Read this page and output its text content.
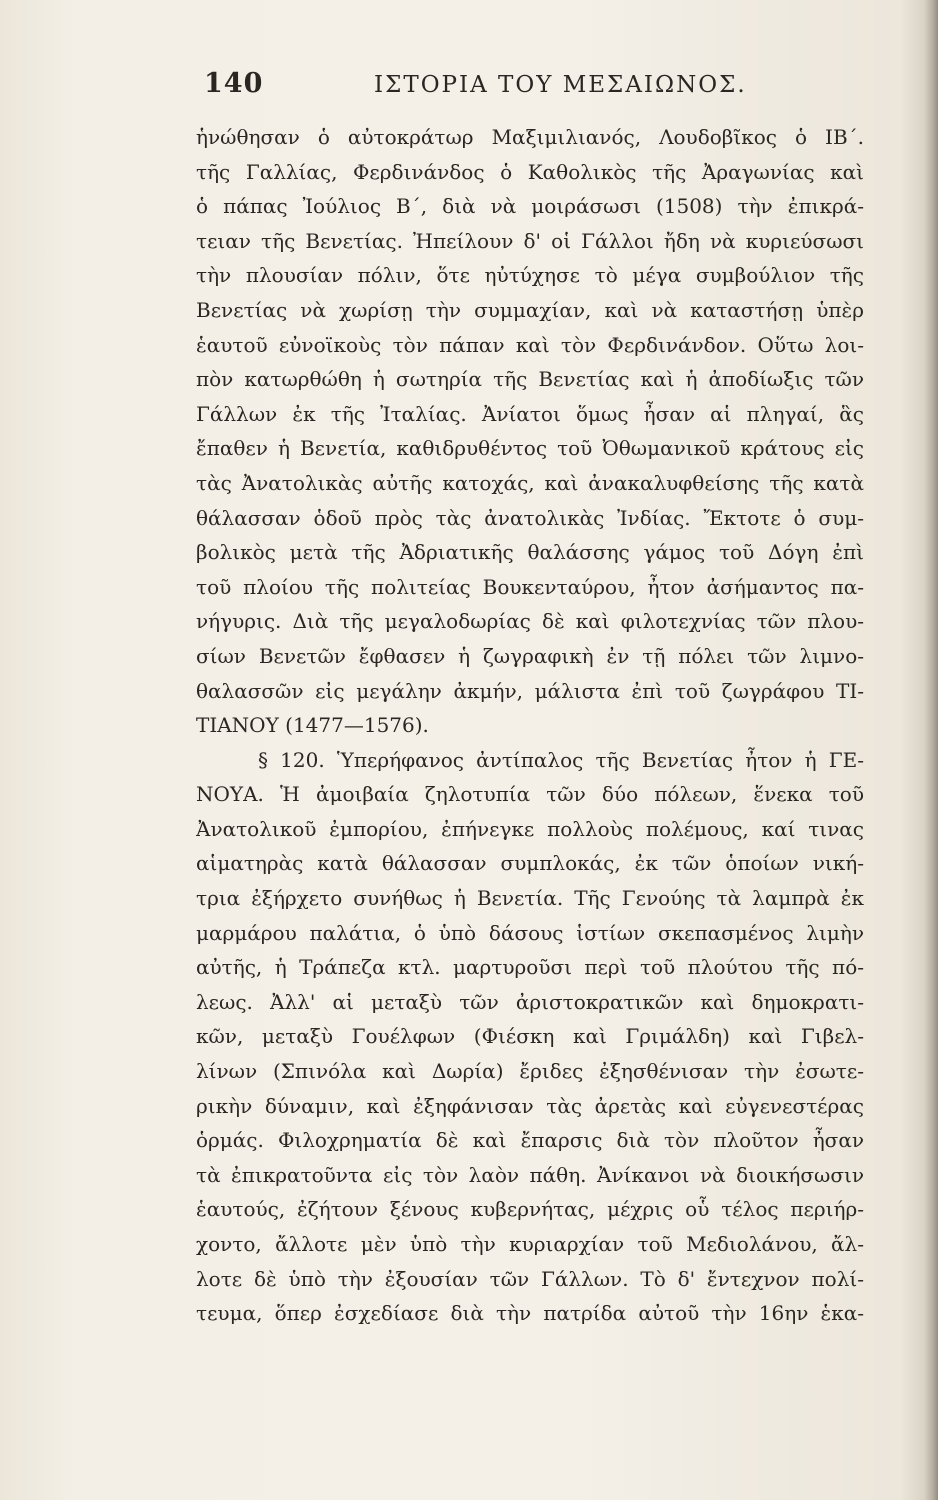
140	ΙΣΤΟΡΙΑ ΤΟΥ ΜΕΣΑΙΩΝΟΣ.
ἡνώθησαν ὁ αὐτοκράτωρ Μαξιμιλιανός, Λουδοβῖκος ὁ ΙΒ΄.
τῆς Γαλλίας, Φερδινάνδος ὁ Καθολικὸς τῆς Ἀραγωνίας καὶ
ὁ πάπας Ἰούλιος Β΄, διὰ νὰ μοιράσωσι (1508) τὴν ἐπικρά-
τειαν τῆς Βενετίας. Ἠπείλουν δ' οἱ Γάλλοι ἤδη νὰ κυριεύσωσι
τὴν πλουσίαν πόλιν, ὅτε ηὐτύχησε τὸ μέγα συμβούλιον τῆς
Βενετίας νὰ χωρίσῃ τὴν συμμαχίαν, καὶ νὰ καταστήσῃ ὑπὲρ
ἑαυτοῦ εὐνοϊκοὺς τὸν πάπαν καὶ τὸν Φερδινάνδον. Οὕτω λοι-
πὸν κατωρθώθη ἡ σωτηρία τῆς Βενετίας καὶ ἡ ἀποδίωξις τῶν
Γάλλων ἐκ τῆς Ἰταλίας. Ἀνίατοι ὅμως ἦσαν αἱ πληγαί, ἃς
ἔπαθεν ἡ Βενετία, καθιδρυθέντος τοῦ Ὀθωμανικοῦ κράτους εἰς
τὰς Ἀνατολικὰς αὐτῆς κατοχάς, καὶ ἀνακαλυφθείσης τῆς κατὰ
θάλασσαν ὁδοῦ πρὸς τὰς ἀνατολικὰς Ἰνδίας. Ἔκτοτε ὁ συμ-
βολικὸς μετὰ τῆς Ἀδριατικῆς θαλάσσης γάμος τοῦ Δόγη ἐπὶ
τοῦ πλοίου τῆς πολιτείας Βουκενταύρου, ἦτον ἀσήμαντος πα-
νήγυρις. Διὰ τῆς μεγαλοδωρίας δὲ καὶ φιλοτεχνίας τῶν πλου-
σίων Βενετῶν ἔφθασεν ἡ ζωγραφικὴ ἐν τῇ πόλει τῶν λιμνο-
θαλασσῶν εἰς μεγάλην ἀκμήν, μάλιστα ἐπὶ τοῦ ζωγράφου ΤΙ-
ΤΙΑΝΟΥ (1477—1576).
§ 120. Ὑπερήφανος ἀντίπαλος τῆς Βενετίας ἦτον ἡ ΓΕ-
ΝΟΥΑ. Ἡ ἀμοιβαία ζηλοτυπία τῶν δύο πόλεων, ἕνεκα τοῦ
Ἀνατολικοῦ ἐμπορίου, ἐπήνεγκε πολλοὺς πολέμους, καί τινας
αἱματηρὰς κατὰ θάλασσαν συμπλοκάς, ἐκ τῶν ὁποίων νική-
τρια ἐξήρχετο συνήθως ἡ Βενετία. Τῆς Γενούης τὰ λαμπρὰ ἐκ
μαρμάρου παλάτια, ὁ ὑπὸ δάσους ἱστίων σκεπασμένος λιμὴν
αὐτῆς, ἡ Τράπεζα κτλ. μαρτυροῦσι περὶ τοῦ πλούτου τῆς πό-
λεως. Ἀλλ' αἱ μεταξὺ τῶν ἀριστοκρατικῶν καὶ δημοκρατι-
κῶν, μεταξὺ Γουέλφων (Φιέσκη καὶ Γριμάλδη) καὶ Γιβελ-
λίνων (Σπινόλα καὶ Δωρία) ἔριδες ἐξησθένισαν τὴν ἐσωτε-
ρικὴν δύναμιν, καὶ ἐξηφάνισαν τὰς ἀρετὰς καὶ εὐγενεστέρας
ὁρμάς. Φιλοχρηματία δὲ καὶ ἔπαρσις διὰ τὸν πλοῦτον ἦσαν
τὰ ἐπικρατοῦντα εἰς τὸν λαὸν πάθη. Ἀνίκανοι νὰ διοικήσωσιν
ἑαυτούς, ἐζήτουν ξένους κυβερνήτας, μέχρις οὗ τέλος περιήρ-
χοντο, ἄλλοτε μὲν ὑπὸ τὴν κυριαρχίαν τοῦ Μεδιολάνου, ἄλ-
λοτε δὲ ὑπὸ τὴν ἐξουσίαν τῶν Γάλλων. Τὸ δ' ἔντεχνον πολί-
τευμα, ὅπερ ἐσχεδίασε διὰ τὴν πατρίδα αὐτοῦ τὴν 16ην ἑκα-
